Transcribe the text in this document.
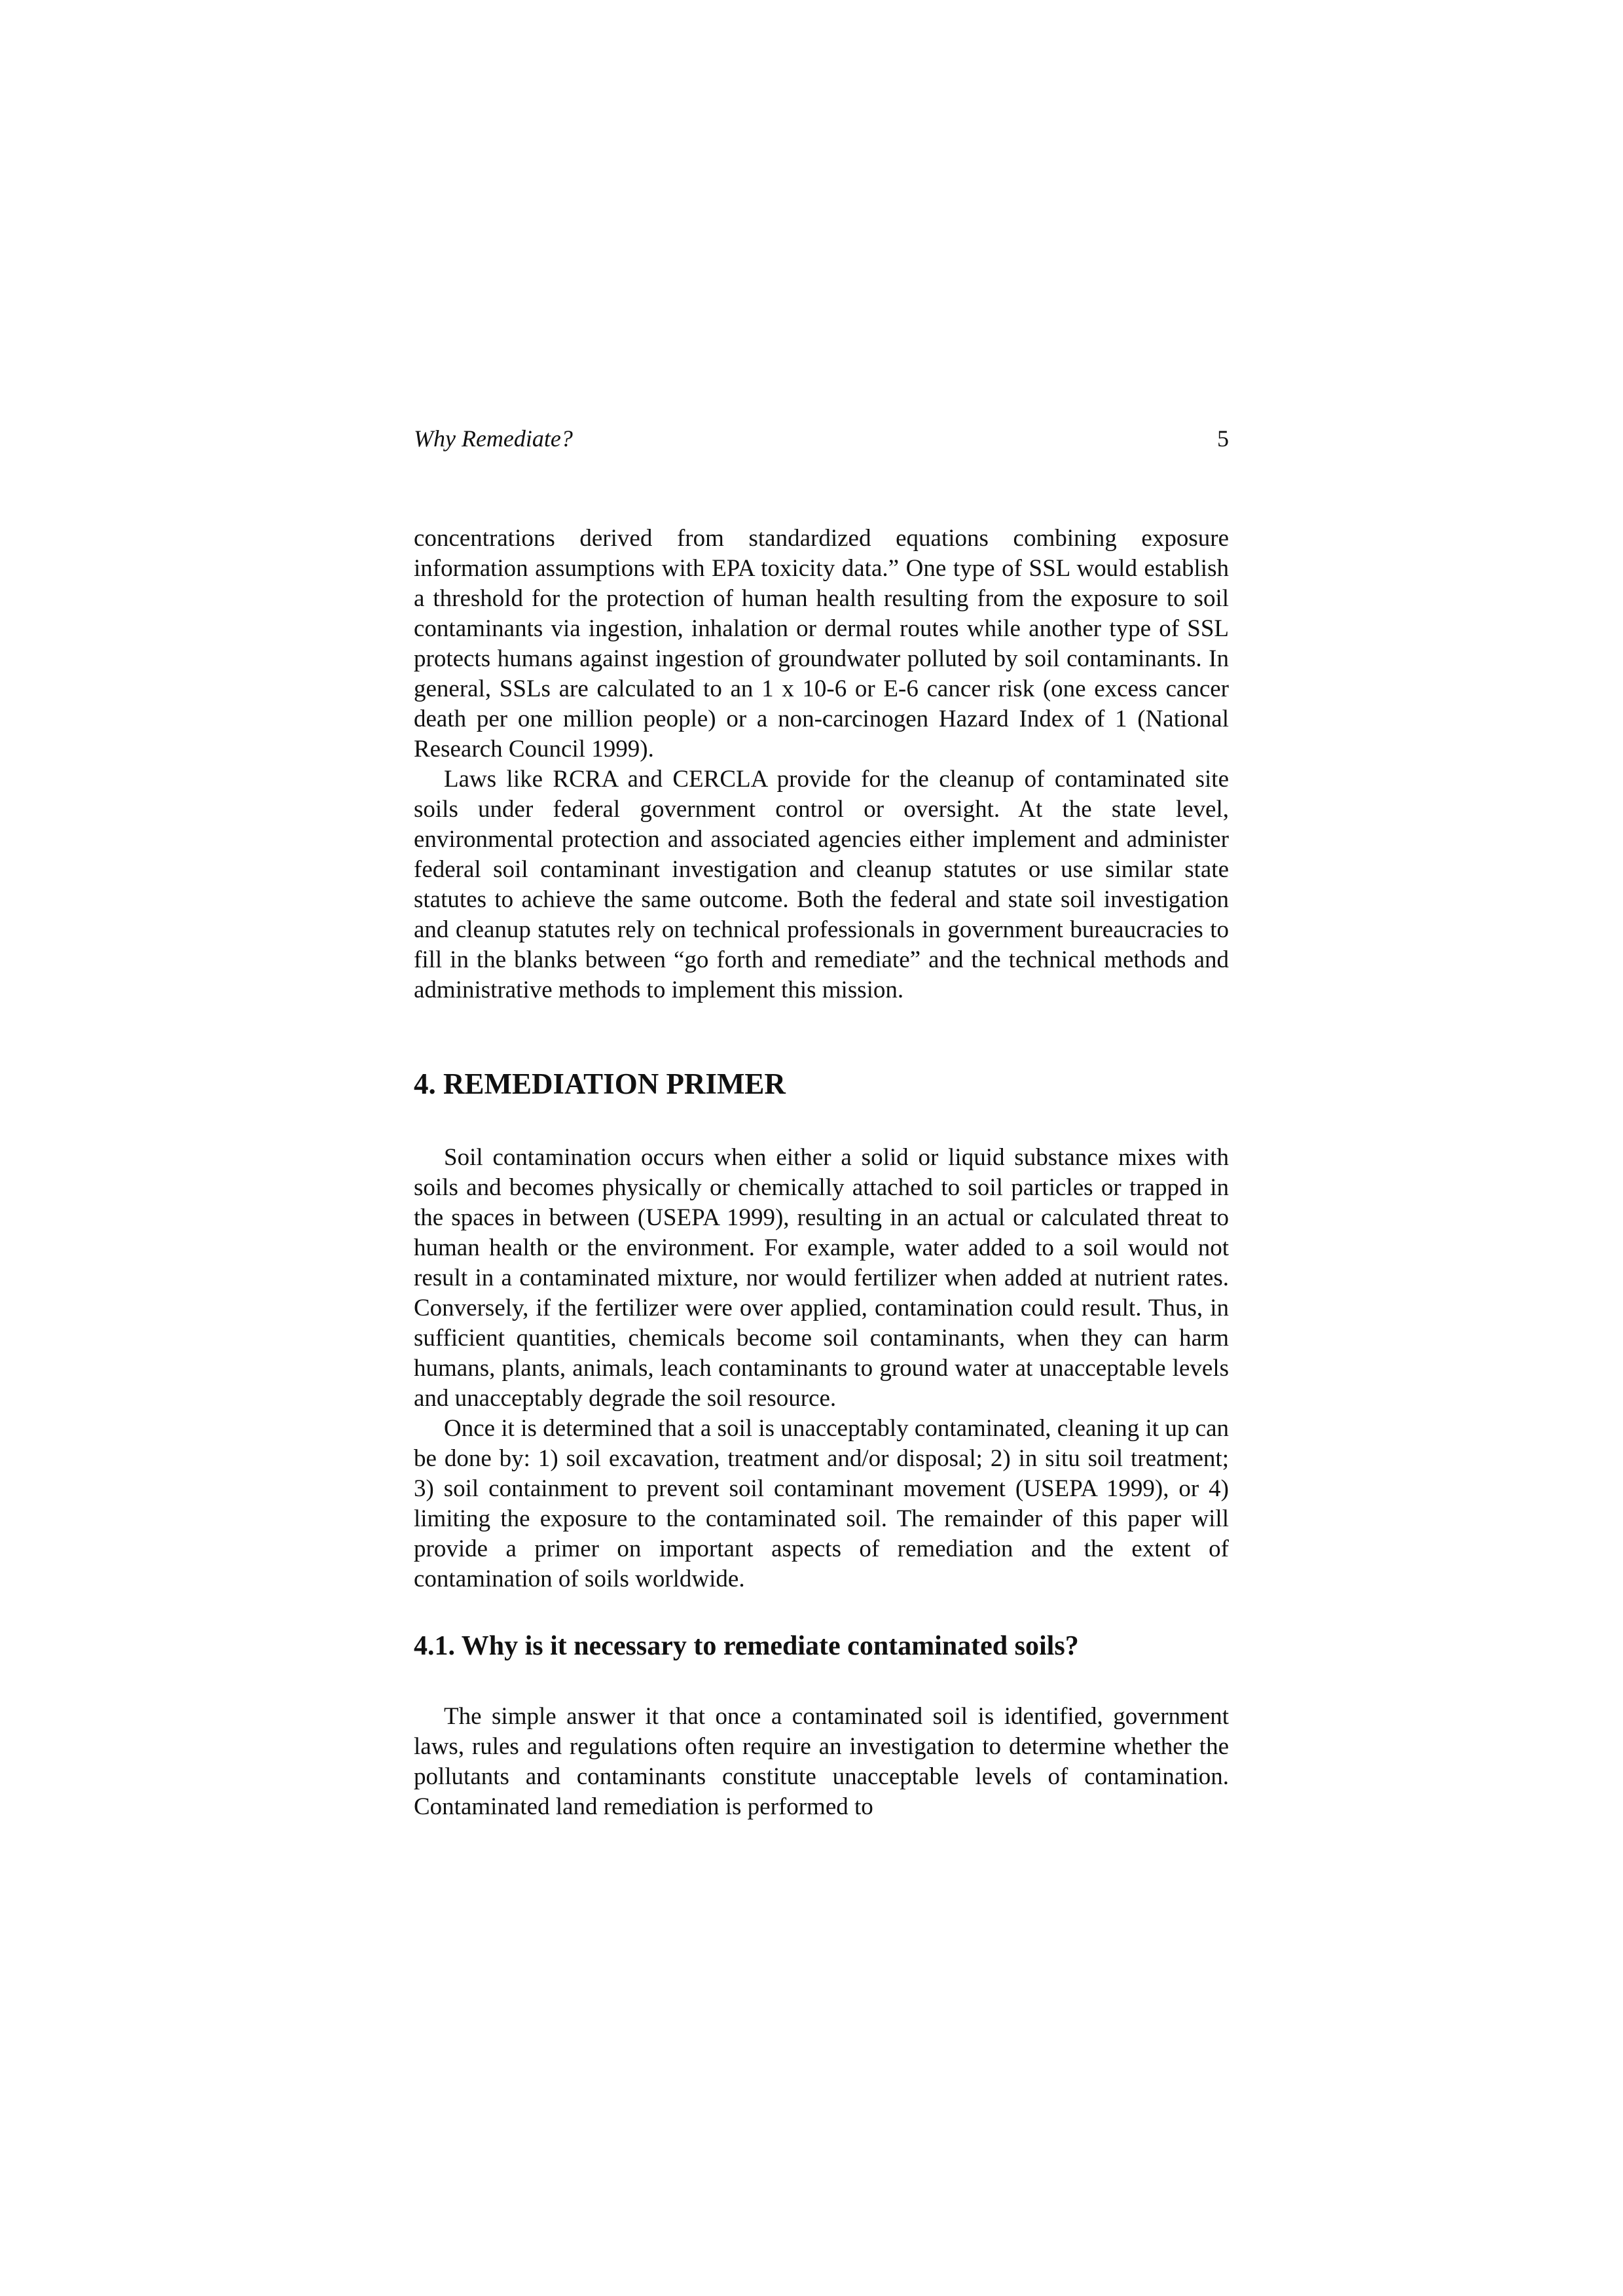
Why Remediate?	5

concentrations derived from standardized equations combining exposure information assumptions with EPA toxicity data.” One type of SSL would establish a threshold for the protection of human health resulting from the exposure to soil contaminants via ingestion, inhalation or dermal routes while another type of SSL protects humans against ingestion of groundwater polluted by soil contaminants. In general, SSLs are calculated to an 1 x 10-6 or E-6 cancer risk (one excess cancer death per one million people) or a non-carcinogen Hazard Index of 1 (National Research Council 1999).

Laws like RCRA and CERCLA provide for the cleanup of contaminated site soils under federal government control or oversight. At the state level, environmental protection and associated agencies either implement and administer federal soil contaminant investigation and cleanup statutes or use similar state statutes to achieve the same outcome. Both the federal and state soil investigation and cleanup statutes rely on technical professionals in government bureaucracies to fill in the blanks between “go forth and remediate” and the technical methods and administrative methods to implement this mission.

4. REMEDIATION PRIMER

Soil contamination occurs when either a solid or liquid substance mixes with soils and becomes physically or chemically attached to soil particles or trapped in the spaces in between (USEPA 1999), resulting in an actual or calculated threat to human health or the environment. For example, water added to a soil would not result in a contaminated mixture, nor would fertilizer when added at nutrient rates. Conversely, if the fertilizer were over applied, contamination could result. Thus, in sufficient quantities, chemicals become soil contaminants, when they can harm humans, plants, animals, leach contaminants to ground water at unacceptable levels and unacceptably degrade the soil resource.

Once it is determined that a soil is unacceptably contaminated, cleaning it up can be done by: 1) soil excavation, treatment and/or disposal; 2) in situ soil treatment; 3) soil containment to prevent soil contaminant movement (USEPA 1999), or 4) limiting the exposure to the contaminated soil. The remainder of this paper will provide a primer on important aspects of remediation and the extent of contamination of soils worldwide.

4.1. Why is it necessary to remediate contaminated soils?

The simple answer it that once a contaminated soil is identified, government laws, rules and regulations often require an investigation to determine whether the pollutants and contaminants constitute unacceptable levels of contamination. Contaminated land remediation is performed to
